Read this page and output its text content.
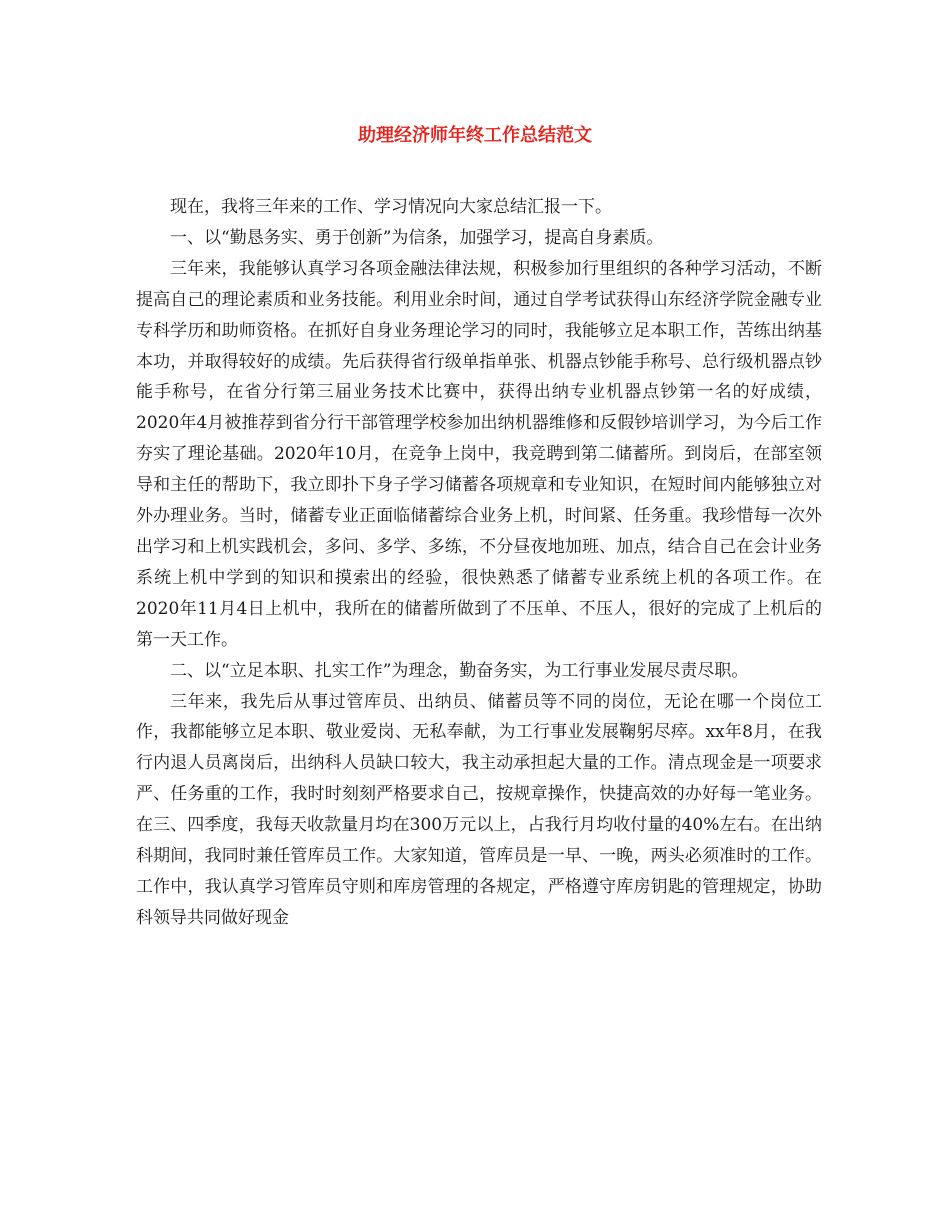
助理经济师年终工作总结范文

现在，我将三年来的工作、学习情况向大家总结汇报一下。

一、以“勤恳务实、勇于创新”为信条，加强学习，提高自身素质。

三年来，我能够认真学习各项金融法律法规，积极参加行里组织的各种学习活动，不断提高自己的理论素质和业务技能。利用业余时间，通过自学考试获得山东经济学院金融专业专科学历和助师资格。在抓好自身业务理论学习的同时，我能够立足本职工作，苦练出纳基本功，并取得较好的成绩。先后获得省行级单指单张、机器点钞能手称号、总行级机器点钞能手称号，在省分行第三届业务技术比赛中，获得出纳专业机器点钞第一名的好成绩，2020年4月被推荐到省分行干部管理学校参加出纳机器维修和反假钞培训学习，为今后工作夯实了理论基础。2020年10月，在竞争上岗中，我竞聘到第二储蓄所。到岗后，在部室领导和主任的帮助下，我立即扑下身子学习储蓄各项规章和专业知识，在短时间内能够独立对外办理业务。当时，储蓄专业正面临储蓄综合业务上机，时间紧、任务重。我珍惜每一次外出学习和上机实践机会，多问、多学、多练，不分昼夜地加班、加点，结合自己在会计业务系统上机中学到的知识和摸索出的经验，很快熟悉了储蓄专业系统上机的各项工作。在2020年11月4日上机中，我所在的储蓄所做到了不压单、不压人，很好的完成了上机后的第一天工作。

二、以“立足本职、扎实工作”为理念，勤奋务实，为工行事业发展尽责尽职。

三年来，我先后从事过管库员、出纳员、储蓄员等不同的岗位，无论在哪一个岗位工作，我都能够立足本职、敬业爱岗、无私奉献，为工行事业发展鞠躬尽瘁。xx年8月，在我行内退人员离岗后，出纳科人员缺口较大，我主动承担起大量的工作。清点现金是一项要求严、任务重的工作，我时时刻刻严格要求自己，按规章操作，快捷高效的办好每一笔业务。在三、四季度，我每天收款量月均在300万元以上，占我行月均收付量的40%左右。在出纳科期间，我同时兼任管库员工作。大家知道，管库员是一早、一晚，两头必须准时的工作。工作中，我认真学习管库员守则和库房管理的各规定，严格遵守库房钥匙的管理规定，协助科领导共同做好现金
